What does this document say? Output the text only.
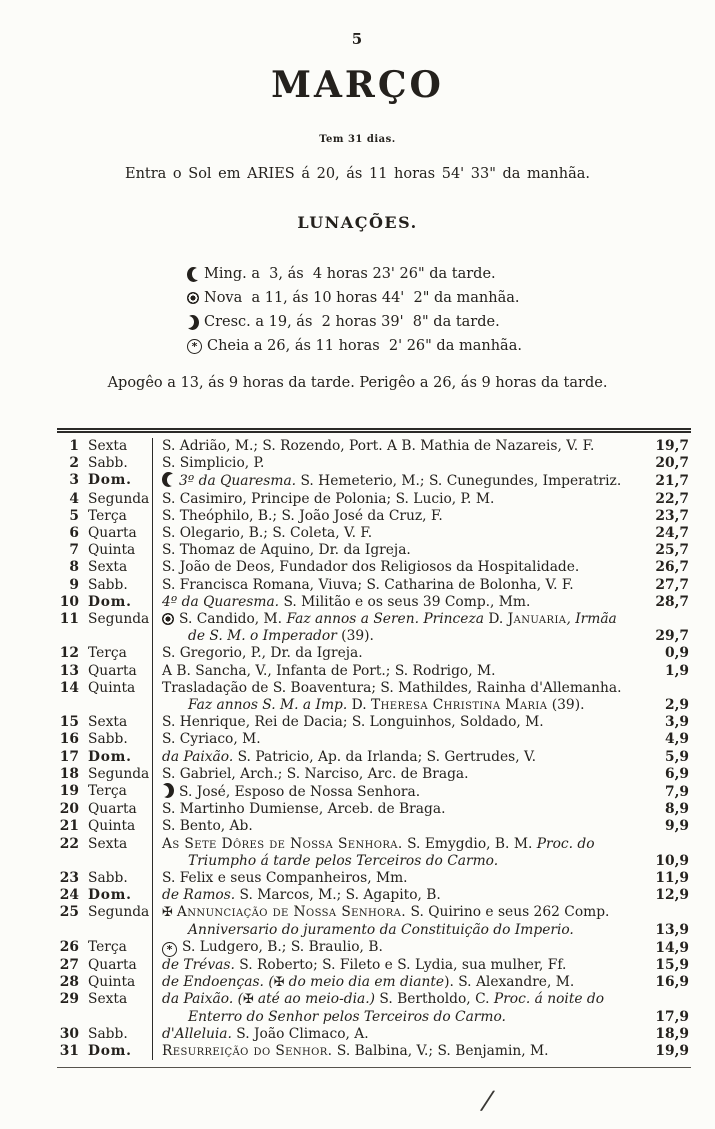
5
MARÇO
Tem 31 dias.
Entra o Sol em ARIES á 20, ás 11 horas 54' 33" da manhãa.
LUNAÇÕES.
Ming. a  3, ás  4 horas 23' 26" da tarde.
Nova  a 11, ás 10 horas 44'  2" da manhãa.
Cresc. a 19, ás  2 horas 39'  8" da tarde.
* Cheia a 26, ás 11 horas  2' 26" da manhãa.
Apogêo a 13, ás 9 horas da tarde. Perigêo a 26, ás 9 horas da tarde.
1 Sexta	S. Adrião, M.; S. Rozendo, Port. A B. Mathia de Nazareis, V. F.	19,7
2 Sabb.	S. Simplicio, P.	20,7
3 Dom.	3º da Quaresma. S. Hemeterio, M.; S. Cunegundes, Imperatriz.	21,7
4 Segunda S. Casimiro, Principe de Polonia; S. Lucio, P. M.	22,7
5 Terça	S. Theóphilo, B.; S. João José da Cruz, F.	23,7
6 Quarta	S. Olegario, B.; S. Coleta, V. F.	24,7
7 Quinta	S. Thomaz de Aquino, Dr. da Igreja.	25,7
8 Sexta	S. João de Deos, Fundador dos Religiosos da Hospitalidade.	26,7
9 Sabb.	S. Francisca Romana, Viuva; S. Catharina de Bolonha, V. F.	27,7
10 Dom.	4º da Quaresma. S. Militão e os seus 39 Comp., Mm.	28,7
11 Segunda	S. Candido, M. Faz annos a Seren. Princeza D. Januaria, Irmãa
de S. M. o Imperador (39).	29,7
12 Terça	S. Gregorio, P., Dr. da Igreja.	0,9
13 Quarta	A B. Sancha, V., Infanta de Port.; S. Rodrigo, M.	1,9
14 Quinta	Trasladação de S. Boaventura; S. Mathildes, Rainha d'Allemanha.
Faz annos S. M. a Imp. D. Theresa Christina Maria (39).	2,9
15 Sexta	S. Henrique, Rei de Dacia; S. Longuinhos, Soldado, M.	3,9
16 Sabb.	S. Cyriaco, M.	4,9
17 Dom.	da Paixão. S. Patricio, Ap. da Irlanda; S. Gertrudes, V.	5,9
18 Segunda S. Gabriel, Arch.; S. Narciso, Arc. de Braga.	6,9
19 Terça	S. José, Esposo de Nossa Senhora.	7,9
20 Quarta	S. Martinho Dumiense, Arceb. de Braga.	8,9
21 Quinta	S. Bento, Ab.	9,9
22 Sexta	As Sete Dôres de Nossa Senhora. S. Emygdio, B. M. Proc. do
Triumpho á tarde pelos Terceiros do Carmo.	10,9
23 Sabb.	S. Felix e seus Companheiros, Mm.	11,9
24 Dom.	de Ramos. S. Marcos, M.; S. Agapito, B.	12,9
25 Segunda ✠ Annunciação de Nossa Senhora. S. Quirino e seus 262 Comp.
Anniversario do juramento da Constituição do Imperio.	13,9
26 Terça	* S. Ludgero, B.; S. Braulio, B.	14,9
27 Quarta	de Trévas. S. Roberto; S. Fileto e S. Lydia, sua mulher, Ff.	15,9
28 Quinta	de Endoenças. (✠ do meio dia em diante). S. Alexandre, M.	16,9
29 Sexta	da Paixão. (✠ até ao meio-dia.) S. Bertholdo, C. Proc. á noite do
Enterro do Senhor pelos Terceiros do Carmo.	17,9
30 Sabb.	d'Alleluia. S. João Climaco, A.	18,9
31 Dom.	Resurreição do Senhor. S. Balbina, V.; S. Benjamin, M.	19,9
/
